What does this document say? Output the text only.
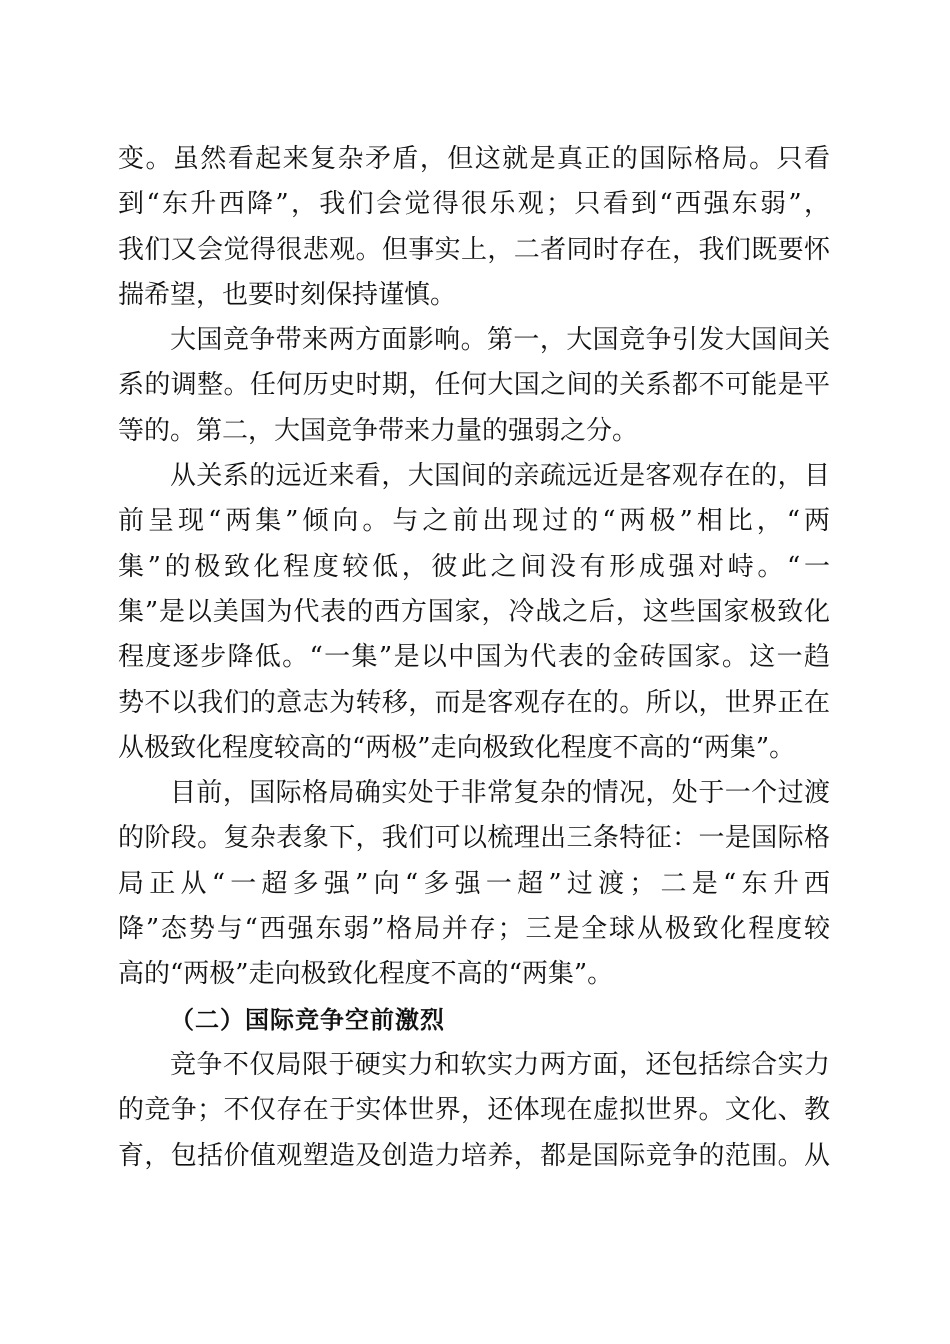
变。虽然看起来复杂矛盾，但这就是真正的国际格局。只看
到“东升西降”，我们会觉得很乐观；只看到“西强东弱”，
我们又会觉得很悲观。但事实上，二者同时存在，我们既要怀
揣希望，也要时刻保持谨慎。
大国竞争带来两方面影响。第一，大国竞争引发大国间关
系的调整。任何历史时期，任何大国之间的关系都不可能是平
等的。第二，大国竞争带来力量的强弱之分。
从关系的远近来看，大国间的亲疏远近是客观存在的，目
前呈现“两集”倾向。与之前出现过的“两极”相比，“两
集”的极致化程度较低，彼此之间没有形成强对峙。“一
集”是以美国为代表的西方国家，冷战之后，这些国家极致化
程度逐步降低。“一集”是以中国为代表的金砖国家。这一趋
势不以我们的意志为转移，而是客观存在的。所以，世界正在
从极致化程度较高的“两极”走向极致化程度不高的“两集”。
目前，国际格局确实处于非常复杂的情况，处于一个过渡
的阶段。复杂表象下，我们可以梳理出三条特征：一是国际格
局正从“一超多强”向“多强一超”过渡；二是“东升西
降”态势与“西强东弱”格局并存；三是全球从极致化程度较
高的“两极”走向极致化程度不高的“两集”。
（二）国际竞争空前激烈
竞争不仅局限于硬实力和软实力两方面，还包括综合实力
的竞争；不仅存在于实体世界，还体现在虚拟世界。文化、教
育，包括价值观塑造及创造力培养，都是国际竞争的范围。从
